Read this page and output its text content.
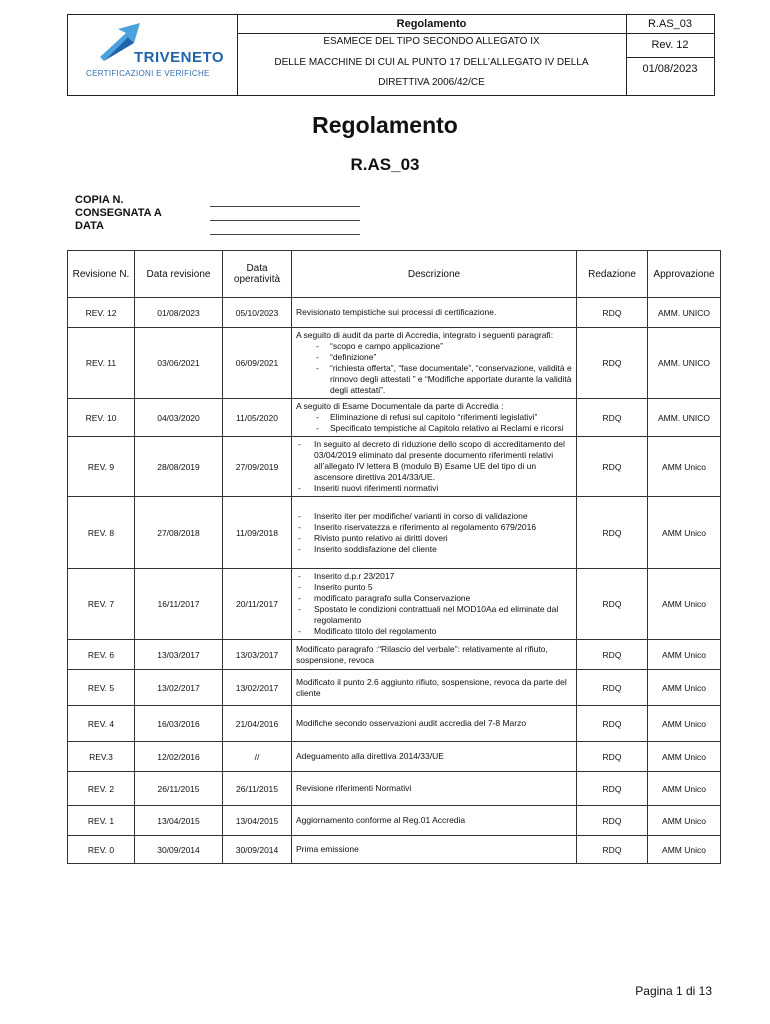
TRIVENETO
CERTIFICAZIONI E VERIFICHE
Regolamento
ESAMECE DEL TIPO SECONDO ALLEGATO IX
DELLE MACCHINE DI CUI AL PUNTO 17 DELL’ALLEGATO IV DELLA
DIRETTIVA 2006/42/CE
R.AS_03
Rev. 12
01/08/2023
Regolamento
R.AS_03
COPIA N.
CONSEGNATA A
DATA
Revisione N.	Data revisione	Data operatività	Descrizione	Redazione	Approvazione
REV. 12	01/08/2023	05/10/2023	Revisionato tempistiche sui processi di certificazione.	RDQ	AMM. UNICO
REV. 11	03/06/2021	06/09/2021	A seguito di audit da parte di Accredia, integrato i seguenti paragrafi:
- “scopo e campo applicazione”
- “definizione”
- “richiesta offerta”, “fase documentale”, “conservazione, validità e rinnovo degli attestati ” e “Modifiche apportate durante la validità degli attestati”.	RDQ	AMM. UNICO
REV. 10	04/03/2020	11/05/2020	A seguito di Esame Documentale da parte di Accredia :
- Eliminazione di refusi sul capitolo “riferimenti legislativi”
- Specificato tempistiche al Capitolo relativo ai Reclami e ricorsi	RDQ	AMM. UNICO
REV. 9	28/08/2019	27/09/2019	- In seguito al decreto di riduzione dello scopo di accreditamento del 03/04/2019 eliminato dal presente documento riferimenti relativi all’allegato IV lettera B (modulo B) Esame UE del tipo di un ascensore direttiva 2014/33/UE.
- Inseriti nuovi riferimenti normativi	RDQ	AMM Unico
REV. 8	27/08/2018	11/09/2018	- Inserito iter per modifiche/ varianti in corso di validazione
- Inserito riservatezza e riferimento al regolamento 679/2016
- Rivisto punto relativo ai diritti doveri
- Inserito soddisfazione del cliente	RDQ	AMM Unico
REV. 7	16/11/2017	20/11/2017	- Inserito d.p.r 23/2017
- Inserito punto 5
- modificato paragrafo sulla Conservazione
- Spostato le condizioni contrattuali nel MOD10Aa ed eliminate dal regolamento
- Modificato titolo del regolamento	RDQ	AMM Unico
REV. 6	13/03/2017	13/03/2017	Modificato paragrafo :“Rilascio del verbale”: relativamente al rifiuto, sospensione, revoca	RDQ	AMM Unico
REV. 5	13/02/2017	13/02/2017	Modificato il punto 2.6 aggiunto rifiuto, sospensione, revoca da parte del cliente	RDQ	AMM Unico
REV. 4	16/03/2016	21/04/2016	Modifiche secondo osservazioni audit accredia del 7-8 Marzo	RDQ	AMM Unico
REV.3	12/02/2016	//	Adeguamento alla direttiva 2014/33/UE	RDQ	AMM Unico
REV. 2	26/11/2015	26/11/2015	Revisione riferimenti Normativi	RDQ	AMM Unico
REV. 1	13/04/2015	13/04/2015	Aggiornamento conforme al Reg.01 Accredia	RDQ	AMM Unico
REV. 0	30/09/2014	30/09/2014	Prima emissione	RDQ	AMM Unico
Pagina 1 di 13
